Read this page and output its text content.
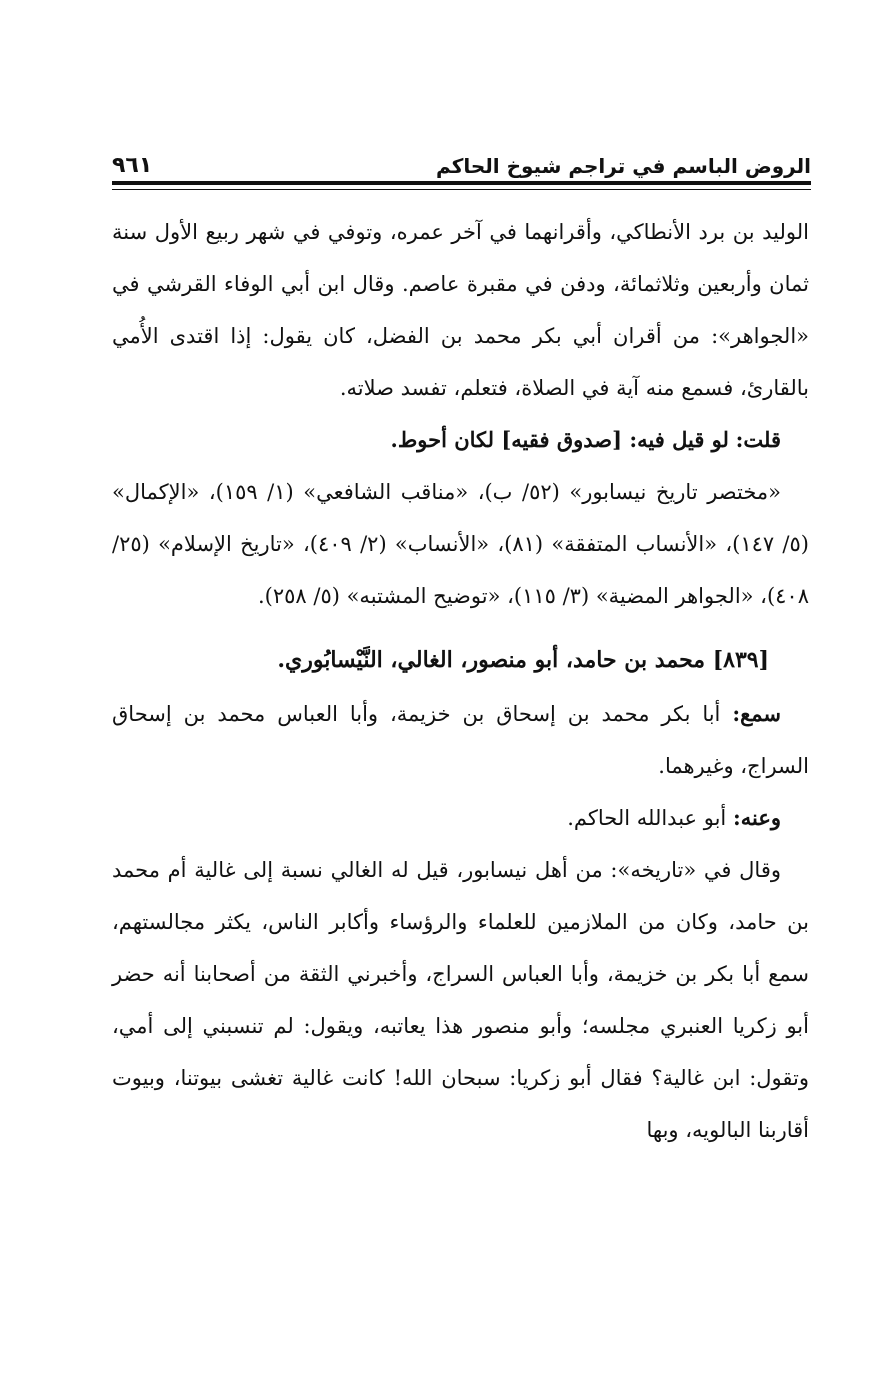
الروض الباسم في تراجم شيوخ الحاكم
٩٦١

الوليد بن برد الأنطاكي، وأقرانهما في آخر عمره، وتوفي في شهر ربيع الأول سنة ثمان وأربعين وثلاثمائة، ودفن في مقبرة عاصم. وقال ابن أبي الوفاء القرشي في «الجواهر»: من أقران أبي بكر محمد بن الفضل، كان يقول: إذا اقتدى الأُمي بالقارئ، فسمع منه آية في الصلاة، فتعلم، تفسد صلاته.

قلت: لو قيل فيه: [صدوق فقيه] لكان أحوط.

«مختصر تاريخ نيسابور» (٥٢/ ب)، «مناقب الشافعي» (١/ ١٥٩)، «الإكمال» (٥/ ١٤٧)، «الأنساب المتفقة» (٨١)، «الأنساب» (٢/ ٤٠٩)، «تاريخ الإسلام» (٢٥/ ٤٠٨)، «الجواهر المضية» (٣/ ١١٥)، «توضيح المشتبه» (٥/ ٢٥٨).

[٨٣٩] محمد بن حامد، أبو منصور، الغالي، النَّيْسابُوري.

سمع: أبا بكر محمد بن إسحاق بن خزيمة، وأبا العباس محمد بن إسحاق السراج، وغيرهما.

وعنه: أبو عبدالله الحاكم.

وقال في «تاريخه»: من أهل نيسابور، قيل له الغالي نسبة إلى غالية أم محمد بن حامد، وكان من الملازمين للعلماء والرؤساء وأكابر الناس، يكثر مجالستهم، سمع أبا بكر بن خزيمة، وأبا العباس السراج، وأخبرني الثقة من أصحابنا أنه حضر أبو زكريا العنبري مجلسه؛ وأبو منصور هذا يعاتبه، ويقول: لم تنسبني إلى أمي، وتقول: ابن غالية؟ فقال أبو زكريا: سبحان الله! كانت غالية تغشى بيوتنا، وبيوت أقاربنا البالويه، وبها
